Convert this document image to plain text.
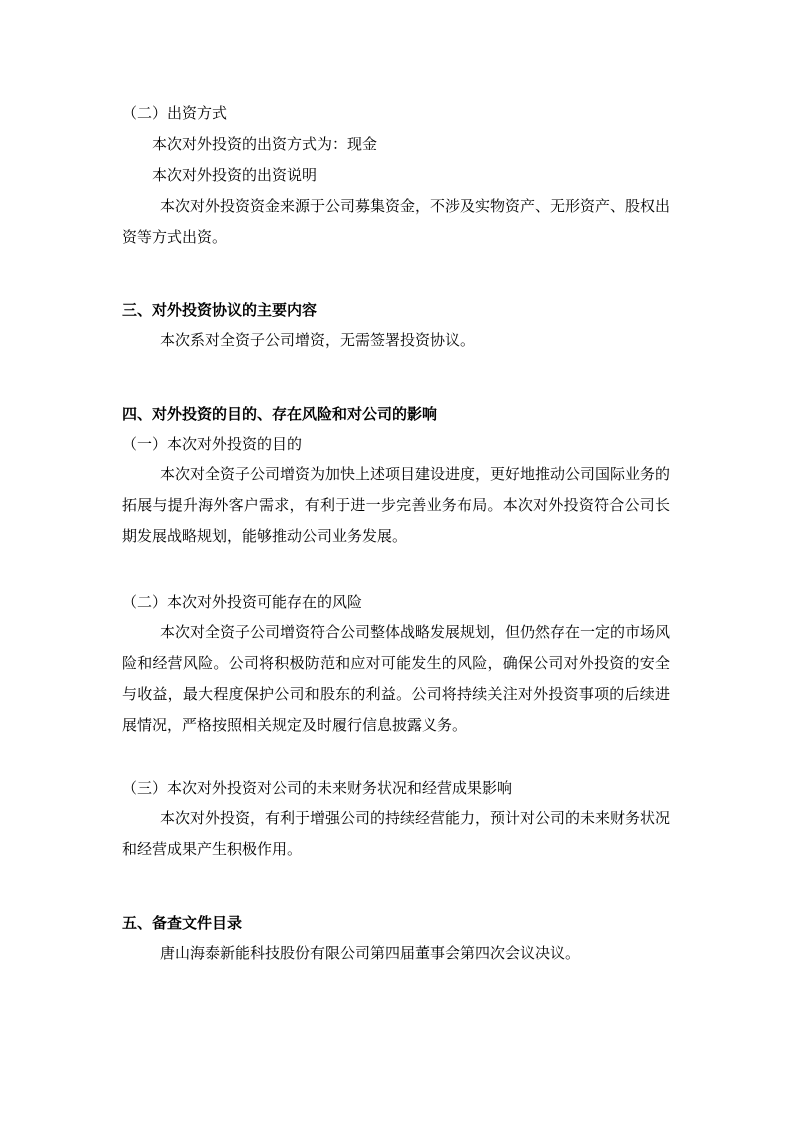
（二）出资方式
本次对外投资的出资方式为：现金
本次对外投资的出资说明

本次对外投资资金来源于公司募集资金，不涉及实物资产、无形资产、股权出资等方式出资。

三、对外投资协议的主要内容

本次系对全资子公司增资，无需签署投资协议。

四、对外投资的目的、存在风险和对公司的影响
（一）本次对外投资的目的

本次对全资子公司增资为加快上述项目建设进度，更好地推动公司国际业务的拓展与提升海外客户需求，有利于进一步完善业务布局。本次对外投资符合公司长期发展战略规划，能够推动公司业务发展。

（二）本次对外投资可能存在的风险

本次对全资子公司增资符合公司整体战略发展规划，但仍然存在一定的市场风险和经营风险。公司将积极防范和应对可能发生的风险，确保公司对外投资的安全与收益，最大程度保护公司和股东的利益。公司将持续关注对外投资事项的后续进展情况，严格按照相关规定及时履行信息披露义务。

（三）本次对外投资对公司的未来财务状况和经营成果影响

本次对外投资，有利于增强公司的持续经营能力，预计对公司的未来财务状况和经营成果产生积极作用。

五、备查文件目录

唐山海泰新能科技股份有限公司第四届董事会第四次会议决议。
